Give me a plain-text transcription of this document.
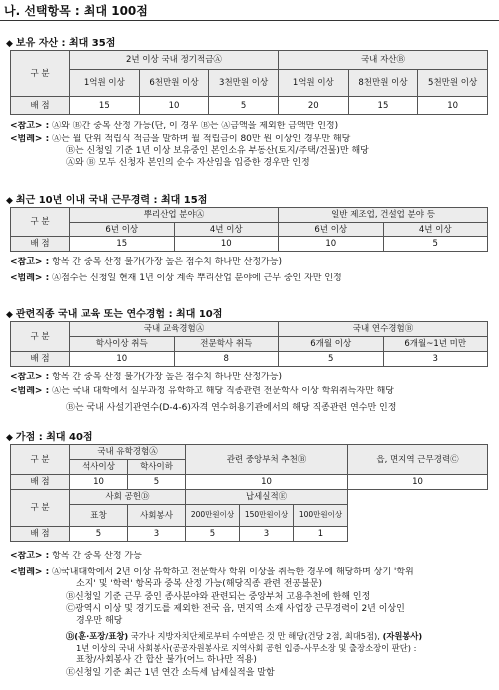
나. 선택항목 : 최대 100점
◆ 보유 자산 : 최대 35점
구 분	2년 이상 국내 정기적금Ⓐ			국내 자산Ⓑ		
	1억원 이상	6천만원 이상	3천만원 이상	1억원 이상	8천만원 이상	5천만원 이상
배 점	15	10	5	20	15	10
<참고> : Ⓐ와 Ⓑ간 중복 산정 가능(단, 이 경우 Ⓑ는 Ⓐ금액을 제외한 금액만 인정)
<범례> : Ⓐ는 월 단위 적립식 적금을 말하며 월 적립금이 80만 원 이상인 경우만 해당
Ⓑ는 신청일 기준 1년 이상 보유중인 본인소유 부동산(토지/주택/건물)만 해당
Ⓐ와 Ⓑ 모두 신청자 본인의 순수 자산임을 입증한 경우만 인정
◆ 최근 10년 이내 국내 근무경력 : 최대 15점
구 분	뿌리산업 분야Ⓐ		일반 제조업, 건설업 분야 등	
	6년 이상	4년 이상	6년 이상	4년 이상
배 점	15	10	10	5
<참고> : 항목 간 중복 산정 불가(가장 높은 점수치 하나만 산정가능)
<범례> : Ⓐ점수는 신청일 현재 1년 이상 계속 뿌리산업 분야에 근무 중인 자만 인정
◆ 관련직종 국내 교육 또는 연수경험 : 최대 10점
구 분	국내 교육경험Ⓐ		국내 연수경험Ⓑ	
	학사이상 취득	전문학사 취득	6개월 이상	6개월~1년 미만
배 점	10	8	5	3
<참고> : 항목 간 중복 산정 불가(가장 높은 점수치 하나만 산정가능)
<범례> : Ⓐ는 국내 대학에서 실무과정 유학하고 해당 직종관련 전문학사 이상 학위취득자만 해당
Ⓑ는 국내 사설기관연수(D-4-6)자격 연수허용기관에서의 해당 직종관련 연수만 인정
◆ 가점 : 최대 40점
구 분	국내 유학경험Ⓐ		관련 중앙부처 추천Ⓑ			읍, 면지역 근무경력Ⓒ
	석사이상	학사이하				
배 점	10	5	10			10
구 분	사회 공헌Ⓓ		납세실적Ⓔ			
	표창	사회봉사	200만원이상	150만원이상	100만원이상	
배 점	5	3	5	3	1	
<참고> : 항목 간 중복 산정 가능
<범례> : Ⓐ국내대학에서 2년 이상 유학하고 전문학사 학위 이상을 취득한 경우에 해당하며 상기 '학위
소지' 및 '학력' 항목과 중복 산정 가능(해당직종 관련 전공불문)
Ⓑ신청일 기준 근무 중인 종사분야와 관련되는 중앙부처 고용추천에 한해 인정
Ⓒ광역시 이상 및 경기도를 제외한 전국 읍, 면지역 소재 사업장 근무경력이 2년 이상인
경우만 해당
Ⓓ(훈·포장/표창) 국가나 지방자치단체로부터 수여받은 것 만 해당(건당 2점, 최대5점), (자원봉사)
1년 이상의 국내 사회봉사(공공자원봉사로 지역사회 공헌 입증-사무소장 및 출장소장이 판단) :
표창/사회봉사 간 합산 불가(어느 하나만 적용)
Ⓔ신청일 기준 최근 1년 연간 소득세 납세실적을 말함
